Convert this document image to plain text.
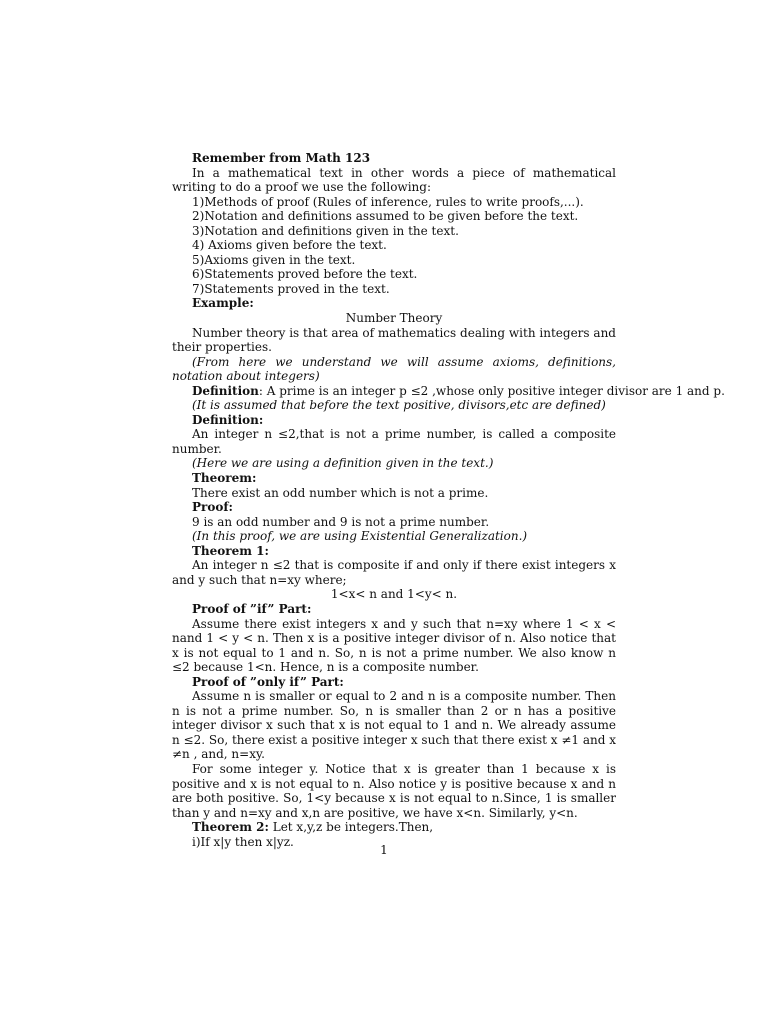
Remember from Math 123

In a mathematical text in other words a piece of mathematical writing to do a proof we use the following:

1)Methods of proof (Rules of inference, rules to write proofs,...).

2)Notation and definitions assumed to be given before the text.

3)Notation and definitions given in the text.

4) Axioms given before the text.

5)Axioms given in the text.

6)Statements proved before the text.

7)Statements proved in the text.

Example:

Number Theory

Number theory is that area of mathematics dealing with integers and their properties.

(From here we understand we will assume axioms, definitions, notation about integers)

Definition: A prime is an integer p ≤2 ,whose only positive integer divisor are 1 and p.

(It is assumed that before the text positive, divisors,etc are defined)

Definition:

An integer n ≤2,that is not a prime number, is called a composite number.

(Here we are using a definition given in the text.)

Theorem:

There exist an odd number which is not a prime.

Proof:

9 is an odd number and 9 is not a prime number.

(In this proof, we are using Existential Generalization.)

Theorem 1:

An integer n ≤2 that is composite if and only if there exist integers x and y such that n=xy where;

1<x< n and 1<y< n.

Proof of ”if” Part:

Assume there exist integers x and y such that n=xy where 1 < x < nand 1 < y < n. Then x is a positive integer divisor of n. Also notice that x is not equal to 1 and n. So, n is not a prime number. We also know n ≤2 because 1<n. Hence, n is a composite number.

Proof of ”only if” Part:

Assume n is smaller or equal to 2 and n is a composite number. Then n is not a prime number. So, n is smaller than 2 or n has a positive integer divisor x such that x is not equal to 1 and n. We already assume n ≤2. So, there exist a positive integer x such that there exist x ≠1 and x ≠n , and, n=xy.

For some integer y. Notice that x is greater than 1 because x is positive and x is not equal to n. Also notice y is positive because x and n are both positive. So, 1<y because x is not equal to n.Since, 1 is smaller than y and n=xy and x,n are positive, we have x<n. Similarly, y<n.

Theorem 2: Let x,y,z be integers.Then,

i)If x|y then x|yz.

1
